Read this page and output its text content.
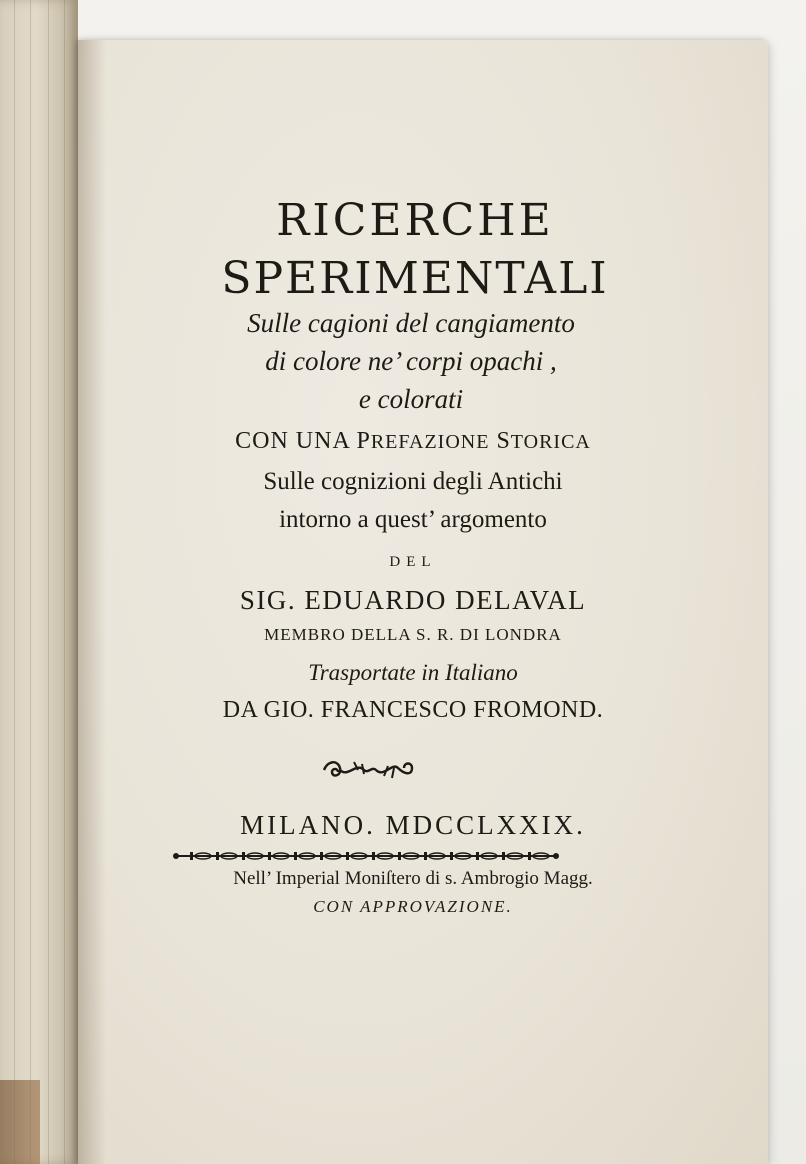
RICERCHE
SPERIMENTALI
Sulle cagioni del cangiamento
di colore ne’ corpi opachi ,
e colorati
CON UNA PREFAZIONE STORICA
Sulle cognizioni degli Antichi
intorno a quest’ argomento
DEL
SIG. EDUARDO DELAVAL
MEMBRO DELLA S. R. DI LONDRA
Trasportate in Italiano
DA GIO. FRANCESCO FROMOND.
MILANO. MDCCLXXIX.
Nell’ Imperial Moniſtero di s. Ambrogio Magg.
CON APPROVAZIONE.
